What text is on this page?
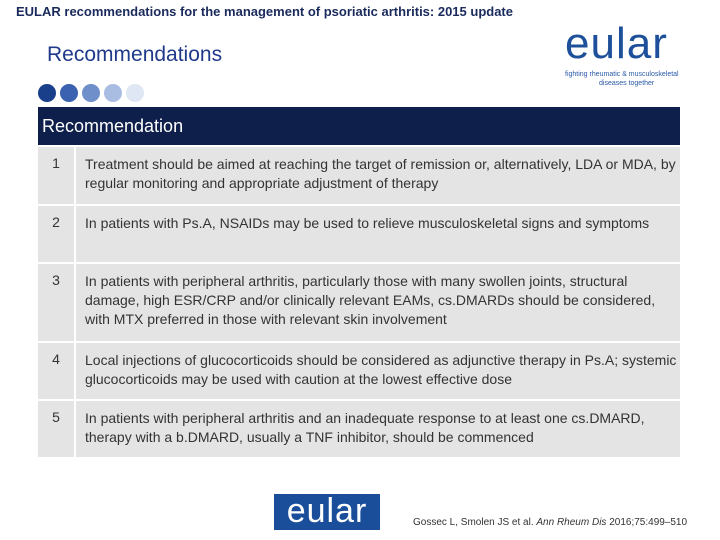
EULAR recommendations for the management of psoriatic arthritis: 2015 update
Recommendations	eular
fighting rheumatic & musculoskeletal
diseases together
Recommendation
1	Treatment should be aimed at reaching the target of remission or, alternatively, LDA or MDA, by regular monitoring and appropriate adjustment of therapy
2	In patients with Ps.A, NSAIDs may be used to relieve musculoskeletal signs and symptoms
3	In patients with peripheral arthritis, particularly those with many swollen joints, structural damage, high ESR/CRP and/or clinically relevant EAMs, cs.DMARDs should be considered, with MTX preferred in those with relevant skin involvement
4	Local injections of glucocorticoids should be considered as adjunctive therapy in Ps.A; systemic glucocorticoids may be used with caution at the lowest effective dose
5	In patients with peripheral arthritis and an inadequate response to at least one cs.DMARD, therapy with a b.DMARD, usually a TNF inhibitor, should be commenced
eular	Gossec L, Smolen JS et al. Ann Rheum Dis 2016;75:499–510
